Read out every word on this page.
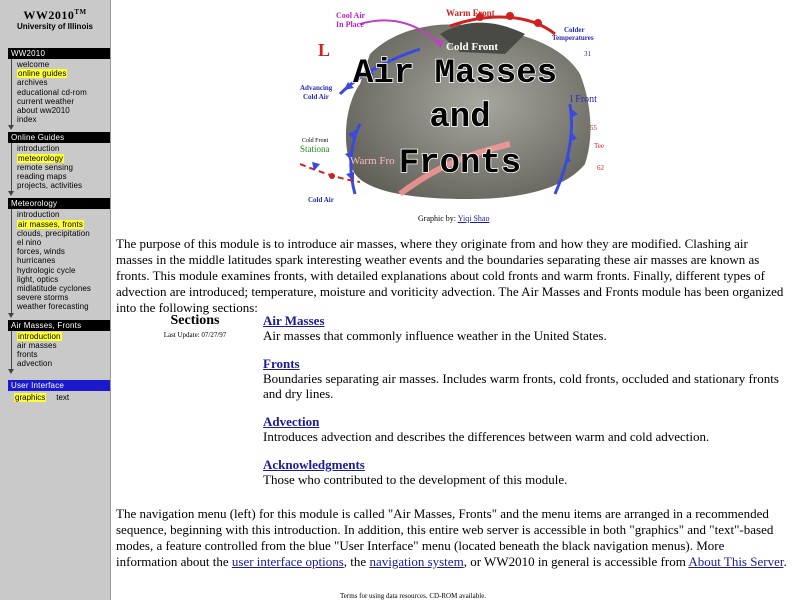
WW2010™
University of Illinois
WW2010
welcome
online guides
archives
educational cd-rom
current weather
about ww2010
index
Online Guides
introduction
meteorology
remote sensing
reading maps
projects, activities
Meteorology
introduction
air masses, fronts
clouds, precipitation
el nino
forces, winds
hurricanes
hydrologic cycle
light, optics
midlatitude cyclones
severe storms
weather forecasting
Air Masses, Fronts
introduction
air masses
fronts
advection
User Interface
graphics text
Air Masses
and
Fronts
L
Cool Air
In Place
Warm Front
Cold Front
Colder
Temperatures
31
Advancing
Cold Air
Cold Front
Stationa
Warm Fro
l Front
55
Tee
62
Cold Air
Graphic by: Yiqi Shao
The purpose of this module is to introduce air masses, where they originate from and how they are modified. Clashing air masses in the middle latitudes spark interesting weather events and the boundaries separating these air masses are known as fronts. This module examines fronts, with detailed explanations about cold fronts and warm fronts. Finally, different types of advection are introduced; temperature, moisture and voriticity advection. The Air Masses and Fronts module has been organized into the following sections:
Sections
Last Update: 07/27/97
Air Masses
Air masses that commonly influence weather in the United States.
Fronts
Boundaries separating air masses. Includes warm fronts, cold fronts, occluded and stationary fronts and dry lines.
Advection
Introduces advection and describes the differences between warm and cold advection.
Acknowledgments
Those who contributed to the development of this module.
The navigation menu (left) for this module is called "Air Masses, Fronts" and the menu items are arranged in a recommended sequence, beginning with this introduction. In addition, this entire web server is accessible in both "graphics" and "text"-based modes, a feature controlled from the blue "User Interface" menu (located beneath the black navigation menus). More information about the user interface options, the navigation system, or WW2010 in general is accessible from About This Server.
Terms for using data resources. CD-ROM available.
